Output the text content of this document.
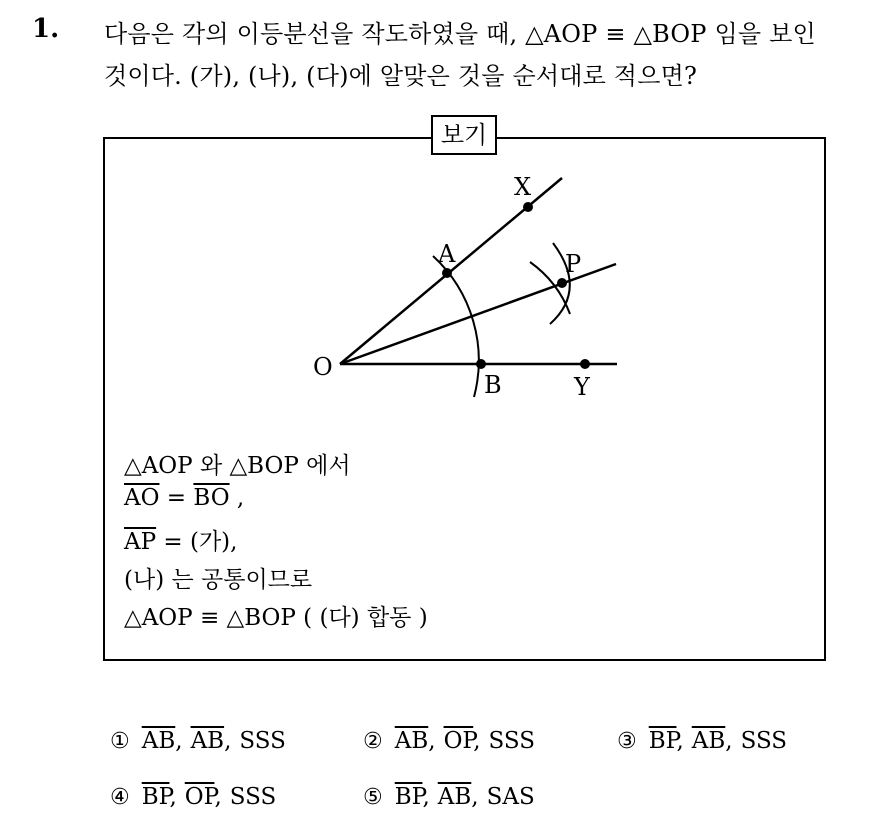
1. 다음은 각의 이등분선을 작도하였을 때, △AOP ≡ △BOP 임을 보인
것이다. (가), (나), (다)에 알맞은 것을 순서대로 적으면?
보기
O
A
X
P
B	Y
△AOP 와 △BOP 에서
$\overline{AO} = \overline{BO}$ ,
$\overline{AP}$ = (가),
(나) 는 공통이므로
△AOP ≡ △BOP ( (다) 합동 )
① $\overline{AB}$, $\overline{AB}$, SSS	② $\overline{AB}$, $\overline{OP}$, SSS	③ $\overline{BP}$, $\overline{AB}$, SSS
④ $\overline{BP}$, $\overline{OP}$, SSS	⑤ $\overline{BP}$, $\overline{AB}$, SAS
